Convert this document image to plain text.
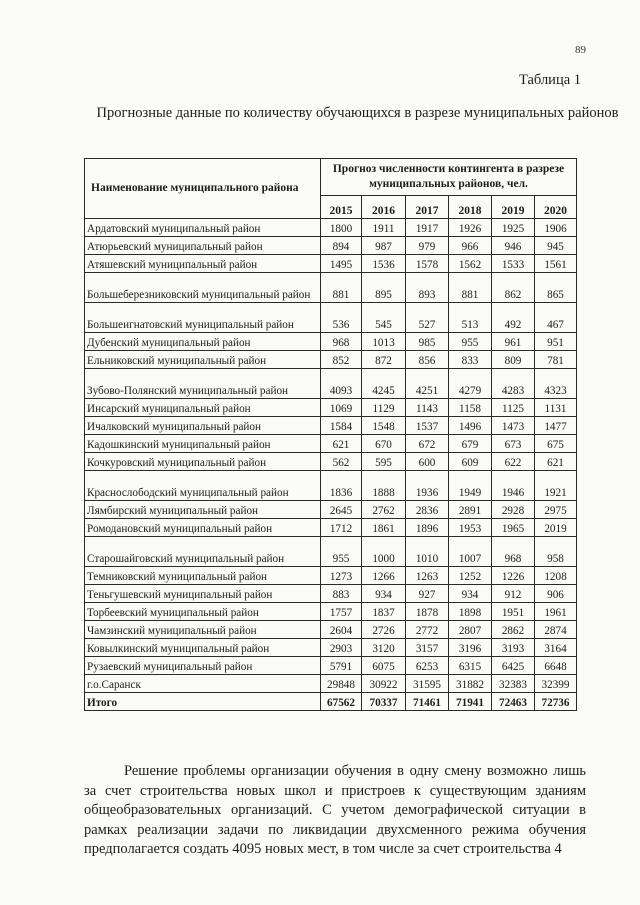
89
Таблица 1
Прогнозные данные по количеству обучающихся в разрезе муниципальных районов
Наименование муниципального района	Прогноз численности контингента в разрезе муниципальных районов, чел.					
	2015	2016	2017	2018	2019	2020
Ардатовский муниципальный район	1800	1911	1917	1926	1925	1906
Атюрьевский муниципальный район	894	987	979	966	946	945
Атяшевский муниципальный район	1495	1536	1578	1562	1533	1561
Большеберезниковский муниципальный район	881	895	893	881	862	865
Большеигнатовский муниципальный район	536	545	527	513	492	467
Дубенский муниципальный район	968	1013	985	955	961	951
Ельниковский муниципальный район	852	872	856	833	809	781
Зубово-Полянский муниципальный район	4093	4245	4251	4279	4283	4323
Инсарский муниципальный район	1069	1129	1143	1158	1125	1131
Ичалковский муниципальный район	1584	1548	1537	1496	1473	1477
Кадошкинский муниципальный район	621	670	672	679	673	675
Кочкуровский муниципальный район	562	595	600	609	622	621
Краснослободский муниципальный район	1836	1888	1936	1949	1946	1921
Лямбирский муниципальный район	2645	2762	2836	2891	2928	2975
Ромодановский муниципальный район	1712	1861	1896	1953	1965	2019
Старошайговский муниципальный район	955	1000	1010	1007	968	958
Темниковский муниципальный район	1273	1266	1263	1252	1226	1208
Теньгушевский муниципальный район	883	934	927	934	912	906
Торбеевский муниципальный район	1757	1837	1878	1898	1951	1961
Чамзинский муниципальный район	2604	2726	2772	2807	2862	2874
Ковылкинский муниципальный район	2903	3120	3157	3196	3193	3164
Рузаевский муниципальный район	5791	6075	6253	6315	6425	6648
г.о.Саранск	29848	30922	31595	31882	32383	32399
Итого	67562	70337	71461	71941	72463	72736

Решение проблемы организации обучения в одну смену возможно лишь за счет строительства новых школ и пристроев к существующим зданиям общеобразовательных организаций. С учетом демографической ситуации в рамках реализации задачи по ликвидации двухсменного режима обучения предполагается создать 4095 новых мест, в том числе за счет строительства 4
